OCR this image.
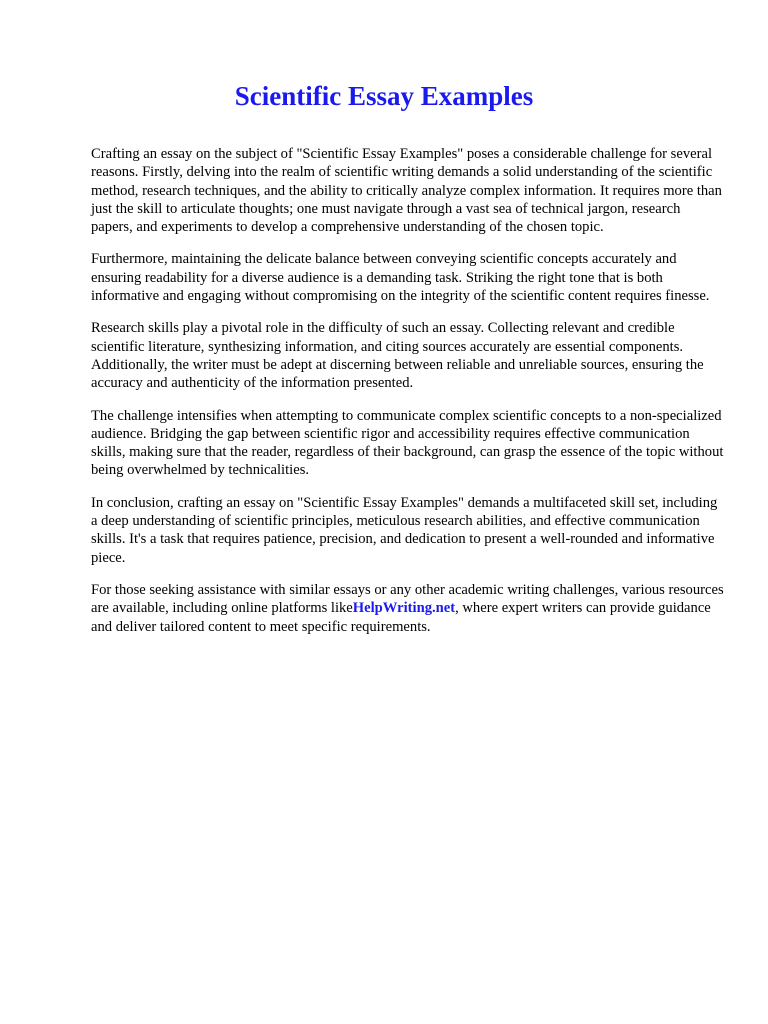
Scientific Essay Examples

Crafting an essay on the subject of "Scientific Essay Examples" poses a considerable challenge for several reasons. Firstly, delving into the realm of scientific writing demands a solid understanding of the scientific method, research techniques, and the ability to critically analyze complex information. It requires more than just the skill to articulate thoughts; one must navigate through a vast sea of technical jargon, research papers, and experiments to develop a comprehensive understanding of the chosen topic.

Furthermore, maintaining the delicate balance between conveying scientific concepts accurately and ensuring readability for a diverse audience is a demanding task. Striking the right tone that is both informative and engaging without compromising on the integrity of the scientific content requires finesse.

Research skills play a pivotal role in the difficulty of such an essay. Collecting relevant and credible scientific literature, synthesizing information, and citing sources accurately are essential components. Additionally, the writer must be adept at discerning between reliable and unreliable sources, ensuring the accuracy and authenticity of the information presented.

The challenge intensifies when attempting to communicate complex scientific concepts to a non-specialized audience. Bridging the gap between scientific rigor and accessibility requires effective communication skills, making sure that the reader, regardless of their background, can grasp the essence of the topic without being overwhelmed by technicalities.

In conclusion, crafting an essay on "Scientific Essay Examples" demands a multifaceted skill set, including a deep understanding of scientific principles, meticulous research abilities, and effective communication skills. It's a task that requires patience, precision, and dedication to present a well-rounded and informative piece.

For those seeking assistance with similar essays or any other academic writing challenges, various resources are available, including online platforms likeHelpWriting.net, where expert writers can provide guidance and deliver tailored content to meet specific requirements.
